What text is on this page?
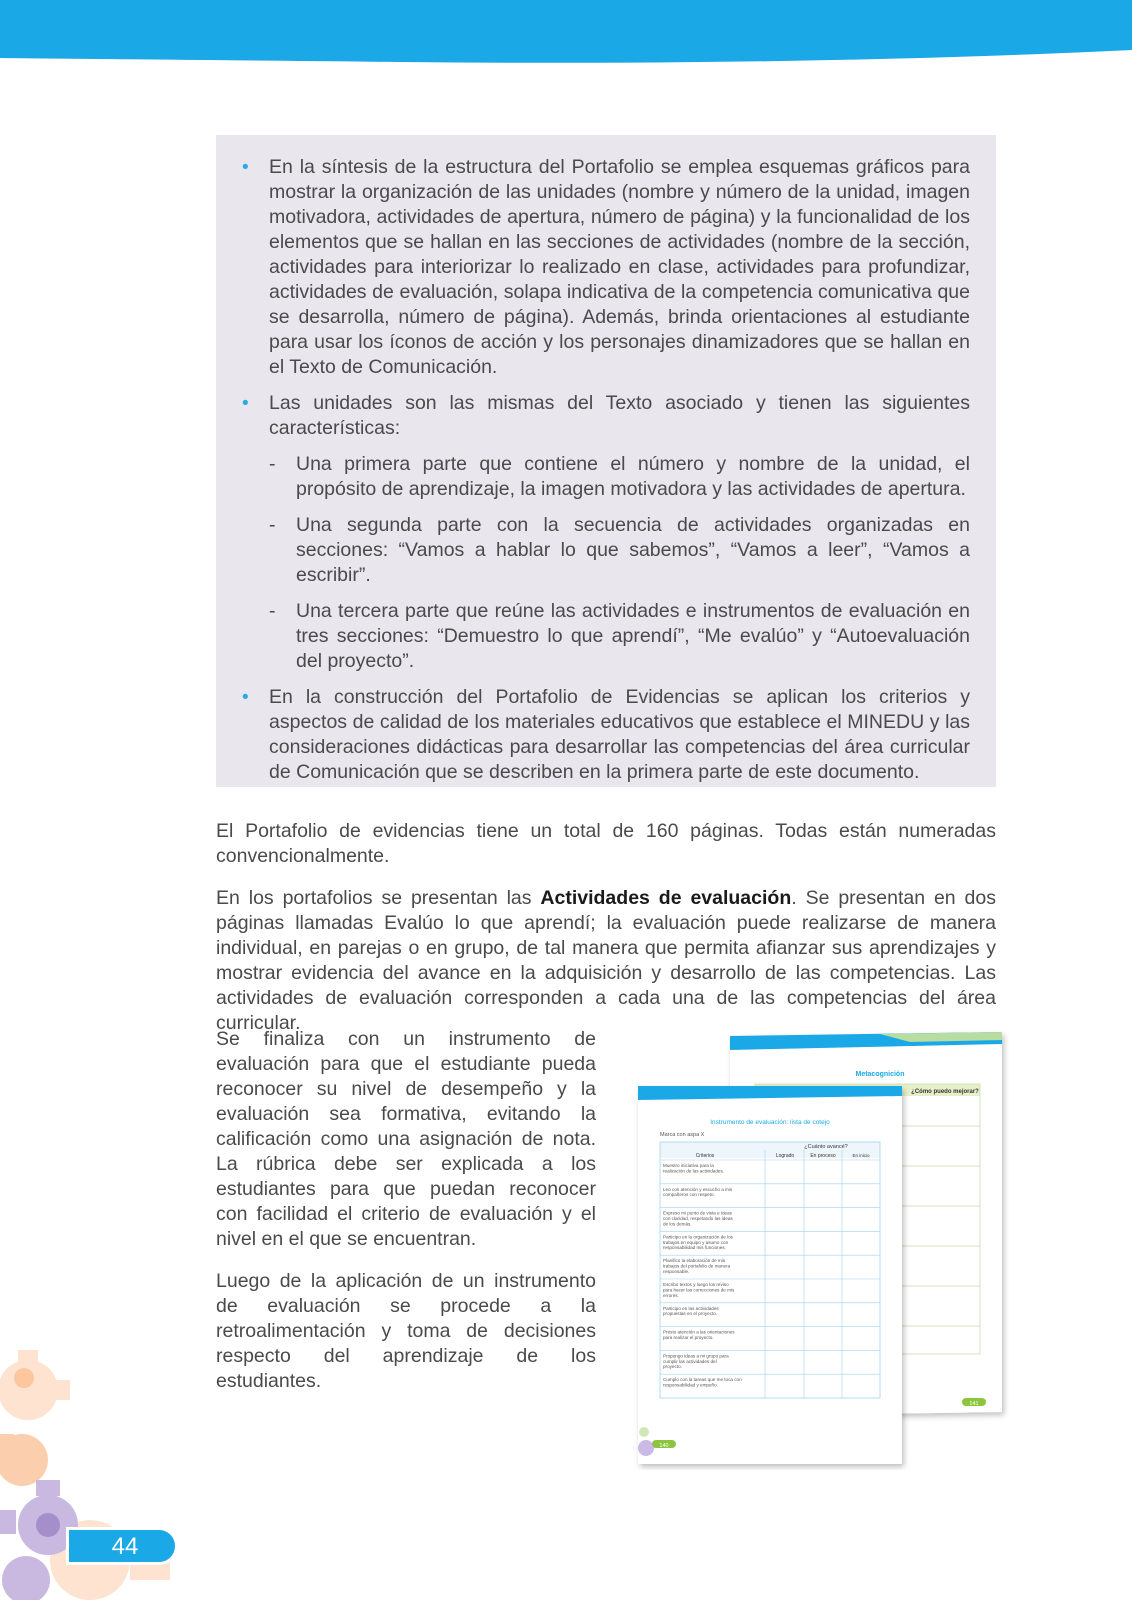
• En la síntesis de la estructura del Portafolio se emplea esquemas gráficos para mostrar la organización de las unidades (nombre y número de la unidad, imagen motivadora, actividades de apertura, número de página) y la funcionalidad de los elementos que se hallan en las secciones de actividades (nombre de la sección, actividades para interiorizar lo realizado en clase, actividades para profundizar, actividades de evaluación, solapa indicativa de la competencia comunicativa que se desarrolla, número de página). Además, brinda orientaciones al estudiante para usar los íconos de acción y los personajes dinamizadores que se hallan en el Texto de Comunicación.
• Las unidades son las mismas del Texto asociado y tienen las siguientes características:
- Una primera parte que contiene el número y nombre de la unidad, el propósito de aprendizaje, la imagen motivadora y las actividades de apertura.
- Una segunda parte con la secuencia de actividades organizadas en secciones: “Vamos a hablar lo que sabemos”, “Vamos a leer”, “Vamos a escribir”.
- Una tercera parte que reúne las actividades e instrumentos de evaluación en tres secciones: “Demuestro lo que aprendí”, “Me evalúo” y “Autoevaluación del proyecto”.
• En la construcción del Portafolio de Evidencias se aplican los criterios y aspectos de calidad de los materiales educativos que establece el MINEDU y las consideraciones didácticas para desarrollar las competencias del área curricular de Comunicación que se describen en la primera parte de este documento.

El Portafolio de evidencias tiene un total de 160 páginas. Todas están numeradas convencionalmente.

En los portafolios se presentan las Actividades de evaluación. Se presentan en dos páginas llamadas Evalúo lo que aprendí; la evaluación puede realizarse de manera individual, en parejas o en grupo, de tal manera que permita afianzar sus aprendizajes y mostrar evidencia del avance en la adquisición y desarrollo de las competencias. Las actividades de evaluación corresponden a cada una de las competencias del área curricular.

Se finaliza con un instrumento de evaluación para que el estudiante pueda reconocer su nivel de desempeño y la evaluación sea formativa, evitando la calificación como una asignación de nota. La rúbrica debe ser explicada a los estudiantes para que puedan reconocer con facilidad el criterio de evaluación y el nivel en el que se encuentran.

Luego de la aplicación de un instrumento de evaluación se procede a la retroalimentación y toma de decisiones respecto del aprendizaje de los estudiantes.

Metacognición
¿Cómo puedo mejorar?
141
Instrumento de evaluación: lista de cotejo
Marca con aspa X
¿Cuánto avancé?
Criterios	Logrado	En proceso	En inicio
Muestro iniciativa para la realización de las actividades.
Leo con atención y escucho a mis compañeros con respeto.
Expreso mi punto de vista e ideas con claridad, respetando las ideas de los demás.
Participo en la organización de los trabajos en equipo y asumo con responsabilidad mis funciones.
Planifico la elaboración de mis trabajos del portafolio de manera responsable.
Escribo textos y luego los reviso para hacer las correcciones de mis errores.
Participo en las actividades propuestas en el proyecto.
Presto atención a las orientaciones para realizar el proyecto.
Propongo ideas a mi grupo para cumplir las actividades del proyecto.
Cumplo con la tareas que me toca con responsabilidad y empeño.
140
44
